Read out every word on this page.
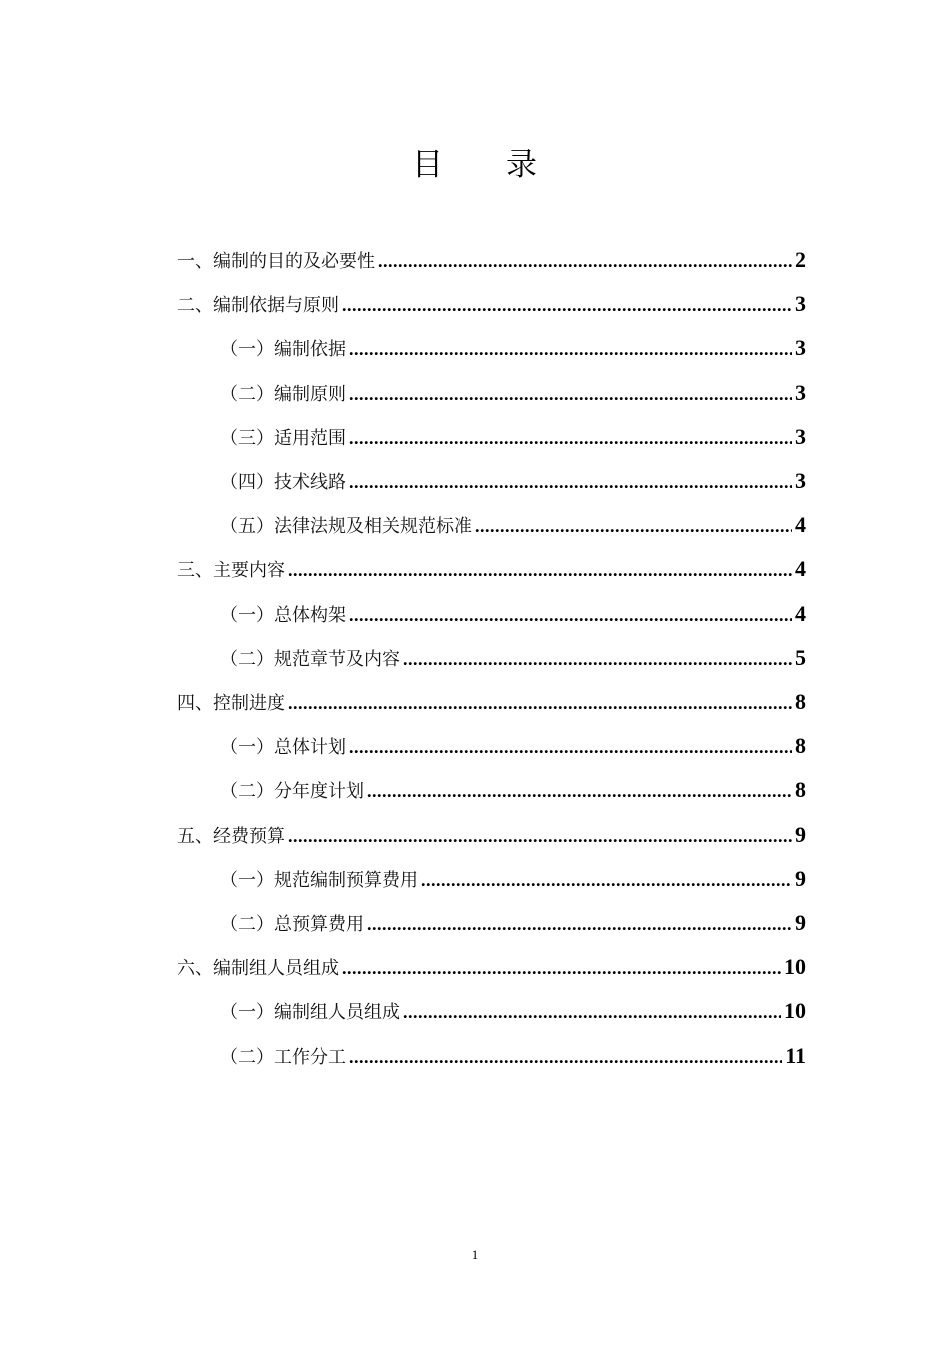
目 录
一、编制的目的及必要性 .....	2
二、编制依据与原则 .....	3
（一）编制依据 .....	3
（二）编制原则 .....	3
（三）适用范围 .....	3
（四）技术线路 .....	3
（五）法律法规及相关规范标准 .....	4
三、主要内容 .....	4
（一）总体构架 .....	4
（二）规范章节及内容 .....	5
四、控制进度 .....	8
（一）总体计划 .....	8
（二）分年度计划 .....	8
五、经费预算 .....	9
（一）规范编制预算费用 .....	9
（二）总预算费用 .....	9
六、编制组人员组成 .....	10
（一）编制组人员组成 .....	10
（二）工作分工 .....	11
1
